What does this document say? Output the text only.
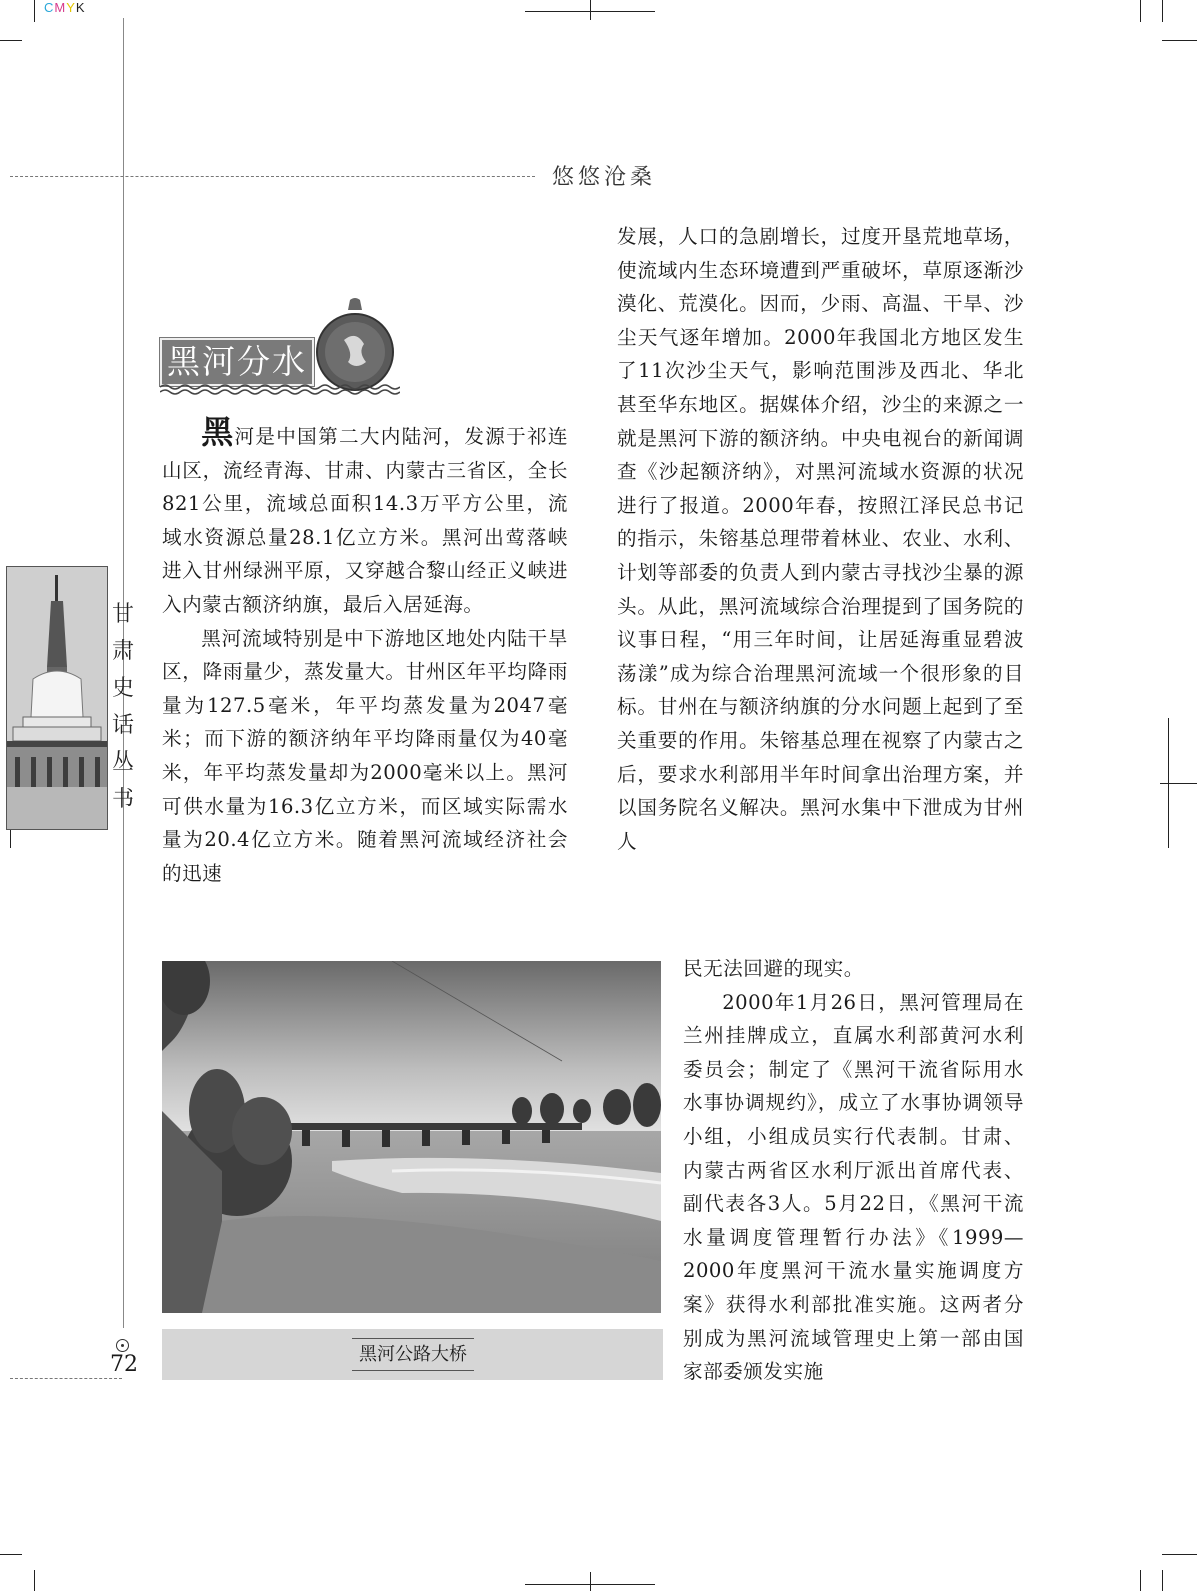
CMYK
悠悠沧桑
甘
肃
史
话
丛
书
黑河分水

黑河是中国第二大内陆河，发源于祁连山区，流经青海、甘肃、内蒙古三省区，全长821公里，流域总面积14.3万平方公里，流域水资源总量28.1亿立方米。黑河出莺落峡进入甘州绿洲平原，又穿越合黎山经正义峡进入内蒙古额济纳旗，最后入居延海。

黑河流域特别是中下游地区地处内陆干旱区，降雨量少，蒸发量大。甘州区年平均降雨量为127.5毫米，年平均蒸发量为2047毫米；而下游的额济纳年平均降雨量仅为40毫米，年平均蒸发量却为2000毫米以上。黑河可供水量为16.3亿立方米，而区域实际需水量为20.4亿立方米。随着黑河流域经济社会的迅速

发展，人口的急剧增长，过度开垦荒地草场，使流域内生态环境遭到严重破坏，草原逐渐沙漠化、荒漠化。因而，少雨、高温、干旱、沙尘天气逐年增加。2000年我国北方地区发生了11次沙尘天气，影响范围涉及西北、华北甚至华东地区。据媒体介绍，沙尘的来源之一就是黑河下游的额济纳。中央电视台的新闻调查《沙起额济纳》，对黑河流域水资源的状况进行了报道。2000年春，按照江泽民总书记的指示，朱镕基总理带着林业、农业、水利、计划等部委的负责人到内蒙古寻找沙尘暴的源头。从此，黑河流域综合治理提到了国务院的议事日程，“用三年时间，让居延海重显碧波荡漾”成为综合治理黑河流域一个很形象的目标。甘州在与额济纳旗的分水问题上起到了至关重要的作用。朱镕基总理在视察了内蒙古之后，要求水利部用半年时间拿出治理方案，并以国务院名义解决。黑河水集中下泄成为甘州人

民无法回避的现实。

2000年1月26日，黑河管理局在兰州挂牌成立，直属水利部黄河水利委员会；制定了《黑河干流省际用水水事协调规约》，成立了水事协调领导小组，小组成员实行代表制。甘肃、内蒙古两省区水利厅派出首席代表、副代表各3人。5月22日，《黑河干流水量调度管理暂行办法》《1999—2000年度黑河干流水量实施调度方案》获得水利部批准实施。这两者分别成为黑河流域管理史上第一部由国家部委颁发实施

黑河公路大桥
72
